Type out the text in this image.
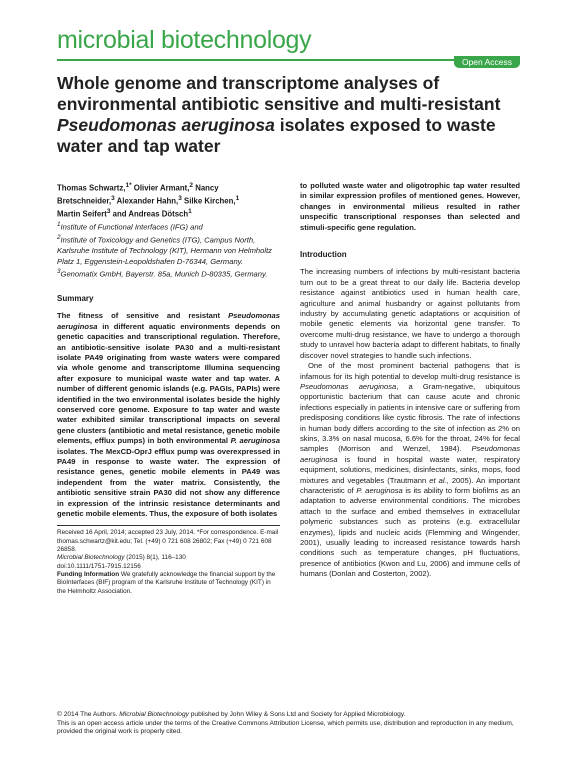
microbial biotechnology
Open Access
Whole genome and transcriptome analyses of
environmental antibiotic sensitive and multi-resistant
Pseudomonas aeruginosa isolates exposed to waste
water and tap water
Thomas Schwartz,$^{1*}$ Olivier Armant,$^2$ Nancy
Bretschneider,$^3$ Alexander Hahn,$^3$ Silke Kirchen,$^1$
Martin Seifert$^3$ and Andreas Dötsch$^1$
$^1$Institute of Functional Interfaces (IFG) and
$^2$Institute of Toxicology and Genetics (ITG), Campus North, Karlsruhe Institute of Technology (KIT), Hermann von Helmholtz Platz 1, Eggenstein-Leopoldshafen D-76344, Germany.
$^3$Genomatix GmbH, Bayerstr. 85a, Munich D-80335, Germany.
Summary
The fitness of sensitive and resistant Pseudomonas aeruginosa in different aquatic environments depends on genetic capacities and transcriptional regulation. Therefore, an antibiotic-sensitive isolate PA30 and a multi-resistant isolate PA49 originating from waste waters were compared via whole genome and transcriptome Illumina sequencing after exposure to municipal waste water and tap water. A number of different genomic islands (e.g. PAGIs, PAPIs) were identified in the two environmental isolates beside the highly conserved core genome. Exposure to tap water and waste water exhibited similar transcriptional impacts on several gene clusters (antibiotic and metal resistance, genetic mobile elements, efflux pumps) in both environmental P. aeruginosa isolates. The MexCD-OprJ efflux pump was overexpressed in PA49 in response to waste water. The expression of resistance genes, genetic mobile elements in PA49 was independent from the water matrix. Consistently, the antibiotic sensitive strain PA30 did not show any difference in expression of the intrinsic resistance determinants and genetic mobile elements. Thus, the exposure of both isolates
Received 16 April, 2014; accepted 23 July, 2014. *For correspondence. E-mail thomas.schwartz@kit.edu; Tel. (+49) 0 721 608 26802; Fax (+49) 0 721 608 26858.
Microbial Biotechnology (2015) 8(1), 116–130
doi:10.1111/1751-7915.12156
Funding Information We gratefully acknowledge the financial support by the BioInterfaces (BIF) program of the Karlsruhe Institute of Technology (KIT) in the Helmholtz Association.
to polluted waste water and oligotrophic tap water resulted in similar expression profiles of mentioned genes. However, changes in environmental milieus resulted in rather unspecific transcriptional responses than selected and stimuli-specific gene regulation.
Introduction

The increasing numbers of infections by multi-resistant bacteria turn out to be a great threat to our daily life. Bacteria develop resistance against antibiotics used in human health care, agriculture and animal husbandry or against pollutants from industry by accumulating genetic adaptations or acquisition of mobile genetic elements via horizontal gene transfer. To overcome multi-drug resistance, we have to undergo a thorough study to unravel how bacteria adapt to different habitats, to finally discover novel strategies to handle such infections.

One of the most prominent bacterial pathogens that is infamous for its high potential to develop multi-drug resistance is Pseudomonas aeruginosa, a Gram-negative, ubiquitous opportunistic bacterium that can cause acute and chronic infections especially in patients in intensive care or suffering from predisposing conditions like cystic fibrosis. The rate of infections in human body differs according to the site of infection as 2% on skins, 3.3% on nasal mucosa, 6.6% for the throat, 24% for fecal samples (Morrison and Wenzel, 1984). Pseudomonas aeruginosa is found in hospital waste water, respiratory equipment, solutions, medicines, disinfectants, sinks, mops, food mixtures and vegetables (Trautmann et al., 2005). An important characteristic of P. aeruginosa is its ability to form biofilms as an adaptation to adverse environmental conditions. The microbes attach to the surface and embed themselves in extracellular polymeric substances such as proteins (e.g. extracellular enzymes), lipids and nucleic acids (Flemming and Wingender, 2001), usually leading to increased resistance towards harsh conditions such as temperature changes, pH fluctuations, presence of antibiotics (Kwon and Lu, 2006) and immune cells of humans (Donlan and Costerton, 2002).

© 2014 The Authors. Microbial Biotechnology published by John Wiley & Sons Ltd and Society for Applied Microbiology.
This is an open access article under the terms of the Creative Commons Attribution License, which permits use, distribution and reproduction in any medium, provided the original work is properly cited.
